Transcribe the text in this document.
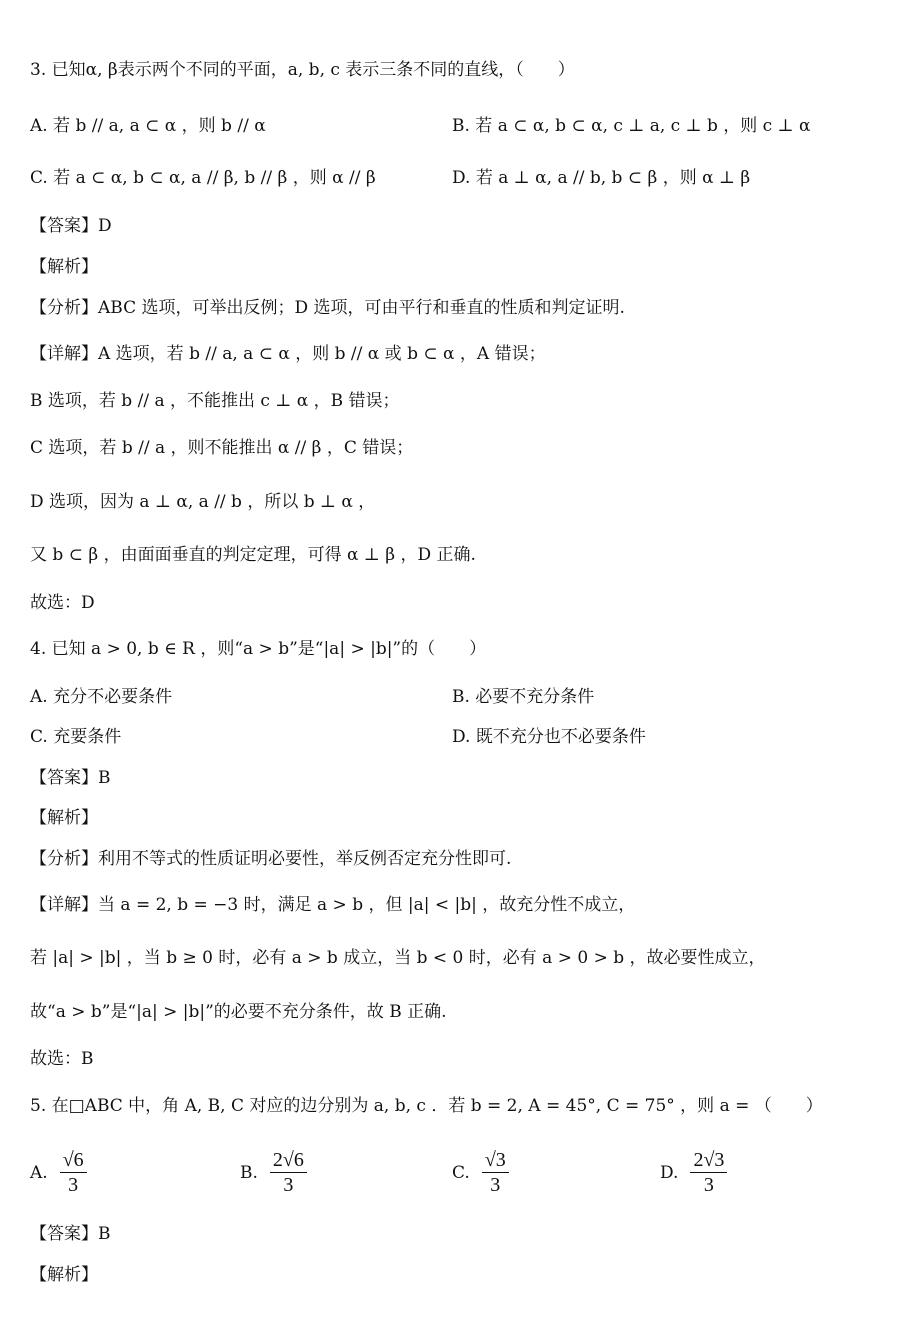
3. 已知α, β表示两个不同的平面，a, b, c 表示三条不同的直线，（　　）
A. 若 b // a, a ⊂ α ，则 b // α	B. 若 a ⊂ α, b ⊂ α, c ⊥ a, c ⊥ b ，则 c ⊥ α
C. 若 a ⊂ α, b ⊂ α, a // β, b // β ，则 α // β	D. 若 a ⊥ α, a // b, b ⊂ β ，则 α ⊥ β
【答案】D
【解析】
【分析】ABC 选项，可举出反例；D 选项，可由平行和垂直的性质和判定证明.
【详解】A 选项，若 b // a, a ⊂ α ，则 b // α 或 b ⊂ α ，A 错误；
B 选项，若 b // a ，不能推出 c ⊥ α ，B 错误；
C 选项，若 b // a ，则不能推出 α // β ，C 错误；
D 选项，因为 a ⊥ α, a // b ，所以 b ⊥ α ，
又 b ⊂ β ，由面面垂直的判定定理，可得 α ⊥ β ，D 正确.
故选：D
4. 已知 a > 0, b ∈ R ，则“a > b”是“|a| > |b|”的（　　）
A. 充分不必要条件	B. 必要不充分条件
C. 充要条件	D. 既不充分也不必要条件
【答案】B
【解析】
【分析】利用不等式的性质证明必要性，举反例否定充分性即可.
【详解】当 a = 2, b = −3 时，满足 a > b ，但 |a| < |b| ，故充分性不成立，
若 |a| > |b| ，当 b ≥ 0 时，必有 a > b 成立，当 b < 0 时，必有 a > 0 > b ，故必要性成立，
故“a > b”是“|a| > |b|”的必要不充分条件，故 B 正确.
故选：B
5. 在□ABC 中，角 A, B, C 对应的边分别为 a, b, c ．若 b = 2, A = 45°, C = 75° ，则 a = （　　）
A. $\frac{√6}{3}$	B. $\frac{2√6}{3}$	C. $\frac{√3}{3}$	D. $\frac{2√3}{3}$
【答案】B
【解析】
